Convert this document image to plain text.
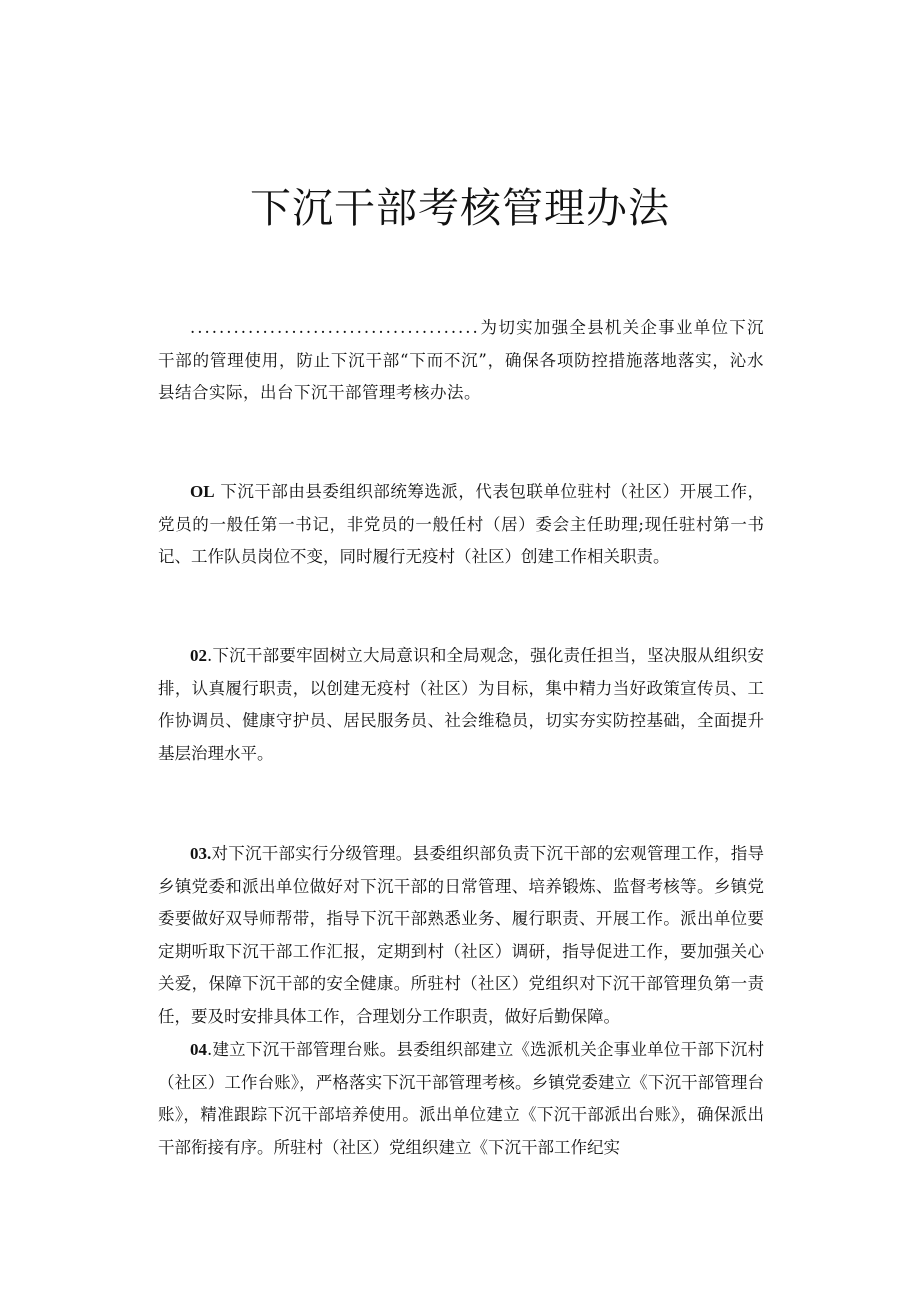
下沉干部考核管理办法

........................................为切实加强全县机关企事业单位下沉干部的管理使用，防止下沉干部“下而不沉”，确保各项防控措施落地落实，沁水县结合实际，出台下沉干部管理考核办法。

OL 下沉干部由县委组织部统筹选派，代表包联单位驻村（社区）开展工作，党员的一般任第一书记，非党员的一般任村（居）委会主任助理;现任驻村第一书记、工作队员岗位不变，同时履行无疫村（社区）创建工作相关职责。

02.下沉干部要牢固树立大局意识和全局观念，强化责任担当，坚决服从组织安排，认真履行职责，以创建无疫村（社区）为目标，集中精力当好政策宣传员、工作协调员、健康守护员、居民服务员、社会维稳员，切实夯实防控基础，全面提升基层治理水平。

03.对下沉干部实行分级管理。县委组织部负责下沉干部的宏观管理工作，指导乡镇党委和派出单位做好对下沉干部的日常管理、培养锻炼、监督考核等。乡镇党委要做好双导师帮带，指导下沉干部熟悉业务、履行职责、开展工作。派出单位要定期听取下沉干部工作汇报，定期到村（社区）调研，指导促进工作，要加强关心关爱，保障下沉干部的安全健康。所驻村（社区）党组织对下沉干部管理负第一责任，要及时安排具体工作，合理划分工作职责，做好后勤保障。

04.建立下沉干部管理台账。县委组织部建立《选派机关企事业单位干部下沉村（社区）工作台账》，严格落实下沉干部管理考核。乡镇党委建立《下沉干部管理台账》，精准跟踪下沉干部培养使用。派出单位建立《下沉干部派出台账》，确保派出干部衔接有序。所驻村（社区）党组织建立《下沉干部工作纪实
